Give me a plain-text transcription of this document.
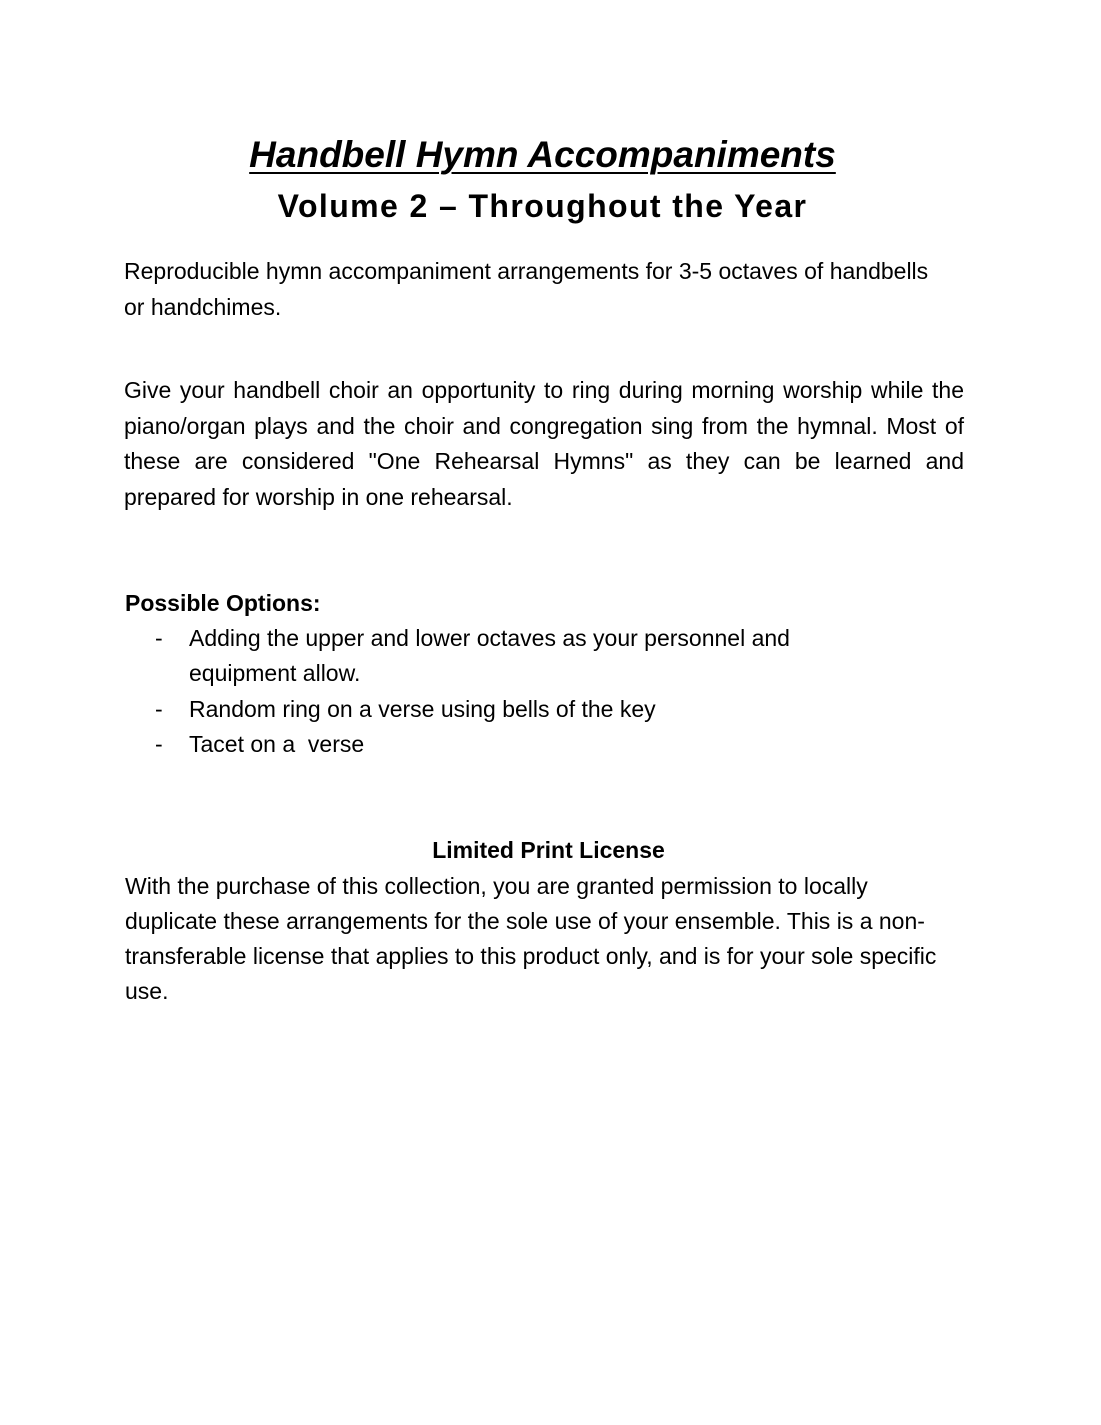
Handbell Hymn Accompaniments
Volume 2 – Throughout the Year

Reproducible hymn accompaniment arrangements for 3-5 octaves of handbells or handchimes.

Give your handbell choir an opportunity to ring during morning worship while the piano/organ plays and the choir and congregation sing from the hymnal. Most of these are considered "One Rehearsal Hymns" as they can be learned and prepared for worship in one rehearsal.

Possible Options:

- Adding the upper and lower octaves as your personnel and equipment allow.
- Random ring on a verse using bells of the key
- Tacet on a  verse

Limited Print License

With the purchase of this collection, you are granted permission to locally duplicate these arrangements for the sole use of your ensemble. This is a non-transferable license that applies to this product only, and is for your sole specific use.
